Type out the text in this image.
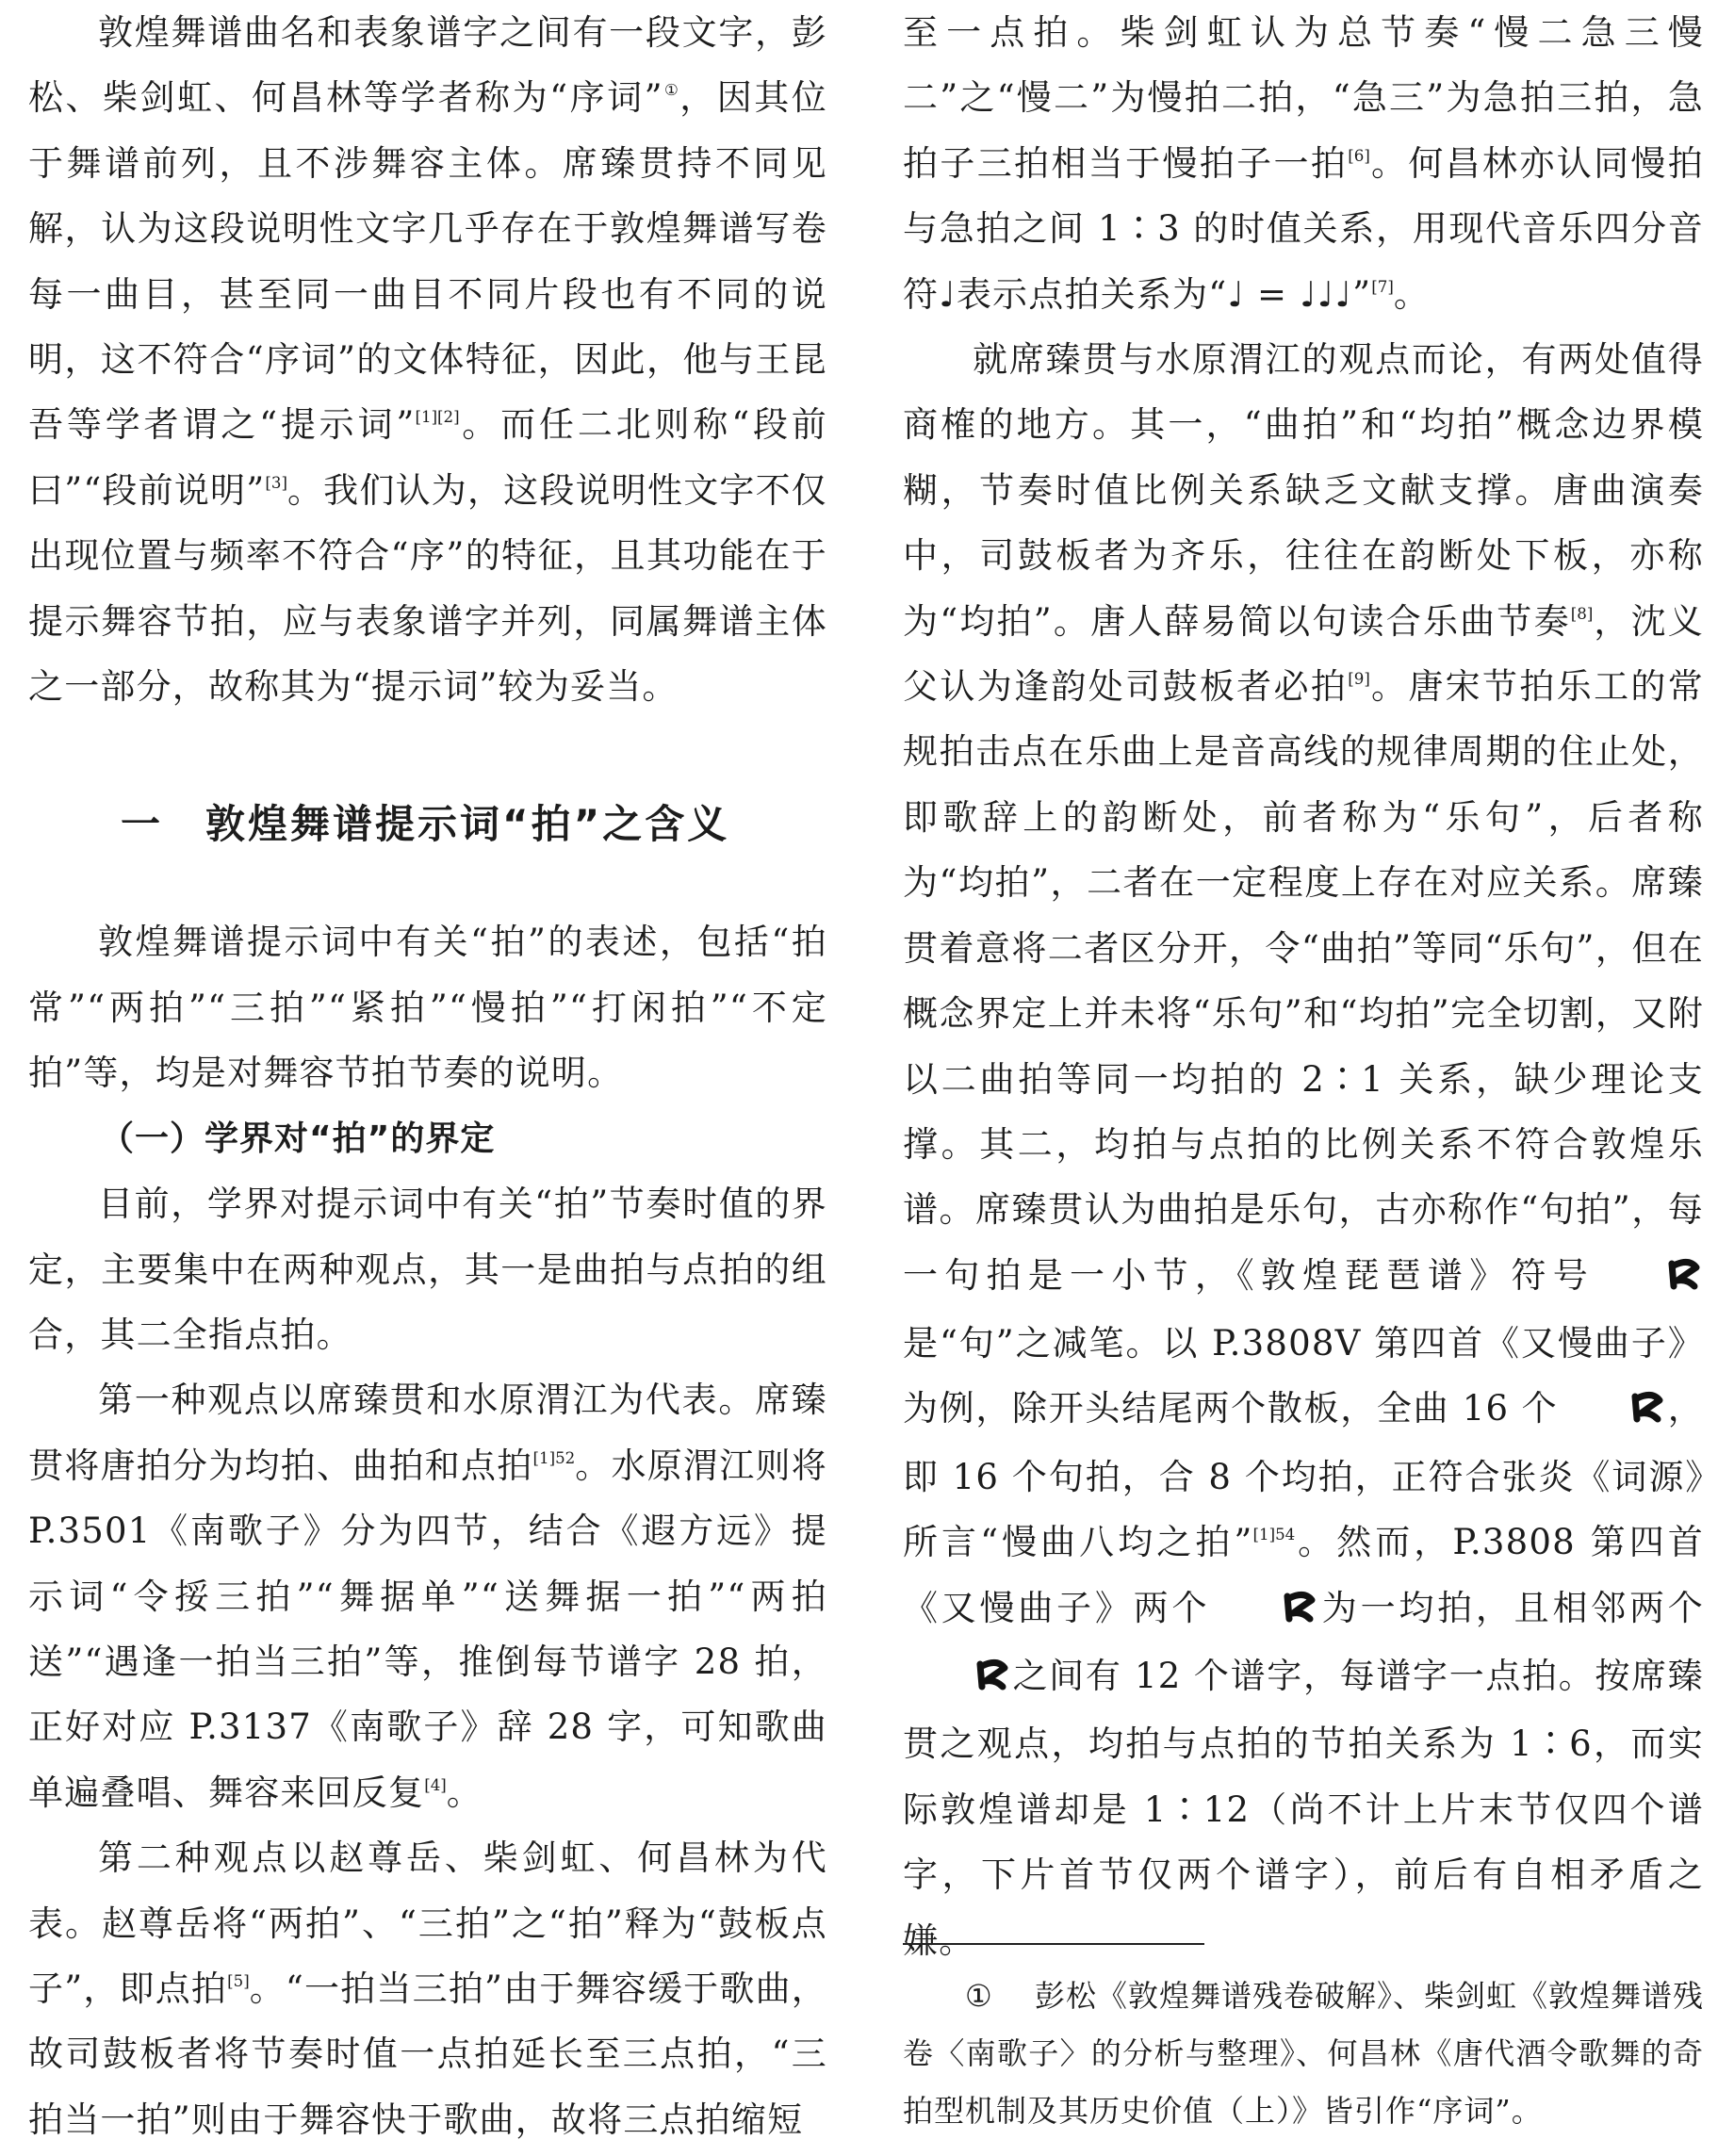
敦煌舞谱曲名和表象谱字之间有一段文字，彭松、柴剑虹、何昌林等学者称为“序词”①，因其位于舞谱前列，且不涉舞容主体。席臻贯持不同见解，认为这段说明性文字几乎存在于敦煌舞谱写卷每一曲目，甚至同一曲目不同片段也有不同的说明，这不符合“序词”的文体特征，因此，他与王昆吾等学者谓之“提示词”[1][2]。而任二北则称“段前曰”“段前说明”[3]。我们认为，这段说明性文字不仅出现位置与频率不符合“序”的特征，且其功能在于提示舞容节拍，应与表象谱字并列，同属舞谱主体之一部分，故称其为“提示词”较为妥当。

一　敦煌舞谱提示词“拍”之含义

敦煌舞谱提示词中有关“拍”的表述，包括“拍常”“两拍”“三拍”“紧拍”“慢拍”“打闲拍”“不定拍”等，均是对舞容节拍节奏的说明。

（一）学界对“拍”的界定

目前，学界对提示词中有关“拍”节奏时值的界定，主要集中在两种观点，其一是曲拍与点拍的组合，其二全指点拍。

第一种观点以席臻贯和水原渭江为代表。席臻贯将唐拍分为均拍、曲拍和点拍$^{[1]52}$。水原渭江则将 P.3501《南歌子》分为四节，结合《遐方远》提示词“令挼三拍”“舞据单”“送舞据一拍”“两拍送”“遇逢一拍当三拍”等，推倒每节谱字 28 拍，正好对应 P.3137《南歌子》辞 28 字，可知歌曲单遍叠唱、舞容来回反复[4]。

第二种观点以赵尊岳、柴剑虹、何昌林为代表。赵尊岳将“两拍”、“三拍”之“拍”释为“鼓板点子”，即点拍[5]。“一拍当三拍”由于舞容缓于歌曲，故司鼓板者将节奏时值一点拍延长至三点拍，“三拍当一拍”则由于舞容快于歌曲，故将三点拍缩短

至一点拍。柴剑虹认为总节奏“慢二急三慢二”之“慢二”为慢拍二拍，“急三”为急拍三拍，急拍子三拍相当于慢拍子一拍[6]。何昌林亦认同慢拍与急拍之间 1∶3 的时值关系，用现代音乐四分音符♩表示点拍关系为“♩ = ♩♩♩”[7]。

就席臻贯与水原渭江的观点而论，有两处值得商榷的地方。其一，“曲拍”和“均拍”概念边界模糊，节奏时值比例关系缺乏文献支撑。唐曲演奏中，司鼓板者为齐乐，往往在韵断处下板，亦称为“均拍”。唐人薛易简以句读合乐曲节奏[8]，沈义父认为逢韵处司鼓板者必拍[9]。唐宋节拍乐工的常规拍击点在乐曲上是音高线的规律周期的住止处，即歌辞上的韵断处，前者称为“乐句”，后者称为“均拍”，二者在一定程度上存在对应关系。席臻贯着意将二者区分开，令“曲拍”等同“乐句”，但在概念界定上并未将“乐句”和“均拍”完全切割，又附以二曲拍等同一均拍的 2∶1 关系，缺少理论支撑。其二，均拍与点拍的比例关系不符合敦煌乐谱。席臻贯认为曲拍是乐句，古亦称作“句拍”，每一句拍是一小节，《敦煌琵琶谱》符号是“句”之减笔。以 P.3808V 第四首《又慢曲子》为例，除开头结尾两个散板，全曲 16 个	，即 16 个句拍，合 8 个均拍，正符合张炎《词源》所言“慢曲八均之拍”$^{[1]54}$。然而，P.3808 第四首《又慢曲子》两个	为一均拍，且相邻两个之间有 12 个谱字，每谱字一点拍。按席臻贯之观点，均拍与点拍的节拍关系为 1∶6，而实际敦煌谱却是 1∶12（尚不计上片末节仅四个谱字，下片首节仅两个谱字），前后有自相矛盾之嫌。

① 彭松《敦煌舞谱残卷破解》、柴剑虹《敦煌舞谱残卷〈南歌子〉的分析与整理》、何昌林《唐代酒令歌舞的奇拍型机制及其历史价值（上）》皆引作“序词”。
